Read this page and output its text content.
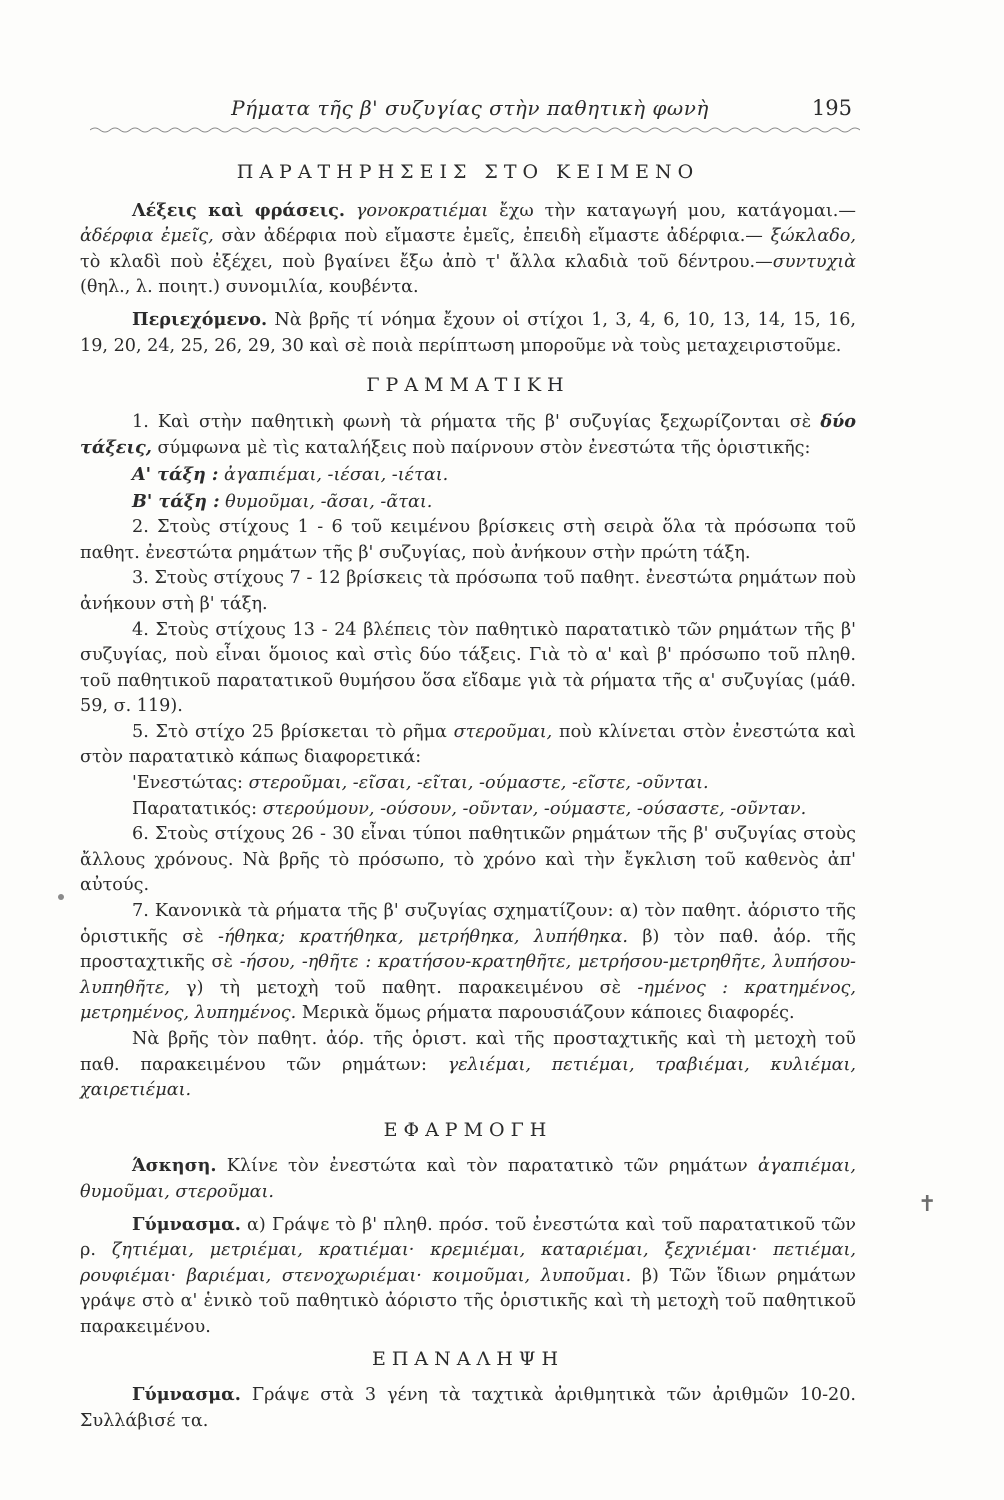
Ρήματα τῆς β' συζυγίας στὴν παθητικὴ φωνὴ	195
ΠΑΡΑΤΗΡΗΣΕΙΣ ΣΤΟ ΚΕΙΜΕΝΟ

Λέξεις καὶ φράσεις. γονοκρατιέμαι ἔχω τὴν καταγωγή μου, κατάγομαι.— ἀδέρφια ἐμεῖς, σὰν ἀδέρφια ποὺ εἴμαστε ἐμεῖς, ἐπειδὴ εἴμαστε ἀδέρφια.— ξώκλαδο, τὸ κλαδὶ ποὺ ἐξέχει, ποὺ βγαίνει ἔξω ἀπὸ τ' ἄλλα κλαδιὰ τοῦ δέντρου.—συντυχιὰ (θηλ., λ. ποιητ.) συνομιλία, κουβέντα.

Περιεχόμενο. Νὰ βρῆς τί νόημα ἔχουν οἱ στίχοι 1, 3, 4, 6, 10, 13, 14, 15, 16, 19, 20, 24, 25, 26, 29, 30 καὶ σὲ ποιὰ περίπτωση μποροῦμε νὰ τοὺς μεταχειριστοῦμε.

ΓΡΑΜΜΑΤΙΚΗ

1. Καὶ στὴν παθητικὴ φωνὴ τὰ ρήματα τῆς β' συζυγίας ξεχωρίζονται σὲ δύο τάξεις, σύμφωνα μὲ τὶς καταλήξεις ποὺ παίρνουν στὸν ἐνεστώτα τῆς ὁριστικῆς:

Α' τάξη : ἀγαπιέμαι, -ιέσαι, -ιέται.

Β' τάξη : θυμοῦμαι, -ᾶσαι, -ᾶται.

2. Στοὺς στίχους 1 - 6 τοῦ κειμένου βρίσκεις στὴ σειρὰ ὅλα τὰ πρόσωπα τοῦ παθητ. ἐνεστώτα ρημάτων τῆς β' συζυγίας, ποὺ ἀνήκουν στὴν πρώτη τάξη.

3. Στοὺς στίχους 7 - 12 βρίσκεις τὰ πρόσωπα τοῦ παθητ. ἐνεστώτα ρημάτων ποὺ ἀνήκουν στὴ β' τάξη.

4. Στοὺς στίχους 13 - 24 βλέπεις τὸν παθητικὸ παρατατικὸ τῶν ρημάτων τῆς β' συζυγίας, ποὺ εἶναι ὅμοιος καὶ στὶς δύο τάξεις. Γιὰ τὸ α' καὶ β' πρόσωπο τοῦ πληθ. τοῦ παθητικοῦ παρατατικοῦ θυμήσου ὅσα εἴδαμε γιὰ τὰ ρήματα τῆς α' συζυγίας (μάθ. 59, σ. 119).

5. Στὸ στίχο 25 βρίσκεται τὸ ρῆμα στεροῦμαι, ποὺ κλίνεται στὸν ἐνεστώτα καὶ στὸν παρατατικὸ κάπως διαφορετικά:

'Ενεστώτας: στεροῦμαι, -εῖσαι, -εῖται, -ούμαστε, -εῖστε, -οῦνται.

Παρατατικός: στερούμουν, -ούσουν, -οῦνταν, -ούμαστε, -ούσαστε, -οῦνταν.

6. Στοὺς στίχους 26 - 30 εἶναι τύποι παθητικῶν ρημάτων τῆς β' συζυγίας στοὺς ἄλλους χρόνους. Νὰ βρῆς τὸ πρόσωπο, τὸ χρόνο καὶ τὴν ἔγκλιση τοῦ καθενὸς ἀπ' αὐτούς.

7. Κανονικὰ τὰ ρήματα τῆς β' συζυγίας σχηματίζουν: α) τὸν παθητ. ἀόριστο τῆς ὁριστικῆς σὲ -ήθηκα; κρατήθηκα, μετρήθηκα, λυπήθηκα. β) τὸν παθ. ἀόρ. τῆς προσταχτικῆς σὲ -ήσου, -ηθῆτε : κρατήσου-κρατηθῆτε, μετρήσου-μετρηθῆτε, λυπήσου-λυπηθῆτε, γ) τὴ μετοχὴ τοῦ παθητ. παρακειμένου σὲ -ημένος : κρατημένος, μετρημένος, λυπημένος. Μερικὰ ὅμως ρήματα παρουσιάζουν κάποιες διαφορές.

Νὰ βρῆς τὸν παθητ. ἀόρ. τῆς ὁριστ. καὶ τῆς προσταχτικῆς καὶ τὴ μετοχὴ τοῦ παθ. παρακειμένου τῶν ρημάτων: γελιέμαι, πετιέμαι, τραβιέμαι, κυλιέμαι, χαιρετιέμαι.

ΕΦΑΡΜΟΓΗ

Άσκηση. Κλίνε τὸν ἐνεστώτα καὶ τὸν παρατατικὸ τῶν ρημάτων ἀγαπιέμαι, θυμοῦμαι, στεροῦμαι.

Γύμνασμα. α) Γράψε τὸ β' πληθ. πρόσ. τοῦ ἐνεστώτα καὶ τοῦ παρατατικοῦ τῶν ρ. ζητιέμαι, μετριέμαι, κρατιέμαι· κρεμιέμαι, καταριέμαι, ξεχνιέμαι· πετιέμαι, ρουφιέμαι· βαριέμαι, στενοχωριέμαι· κοιμοῦμαι, λυποῦμαι. β) Τῶν ἴδιων ρημάτων γράψε στὸ α' ἑνικὸ τοῦ παθητικὸ ἀόριστο τῆς ὁριστικῆς καὶ τὴ μετοχὴ τοῦ παθητικοῦ παρακειμένου.

ΕΠΑΝΑΛΗΨΗ

Γύμνασμα. Γράψε στὰ 3 γένη τὰ ταχτικὰ ἀριθμητικὰ τῶν ἀριθμῶν 10-20. Συλλάβισέ τα.

✝
